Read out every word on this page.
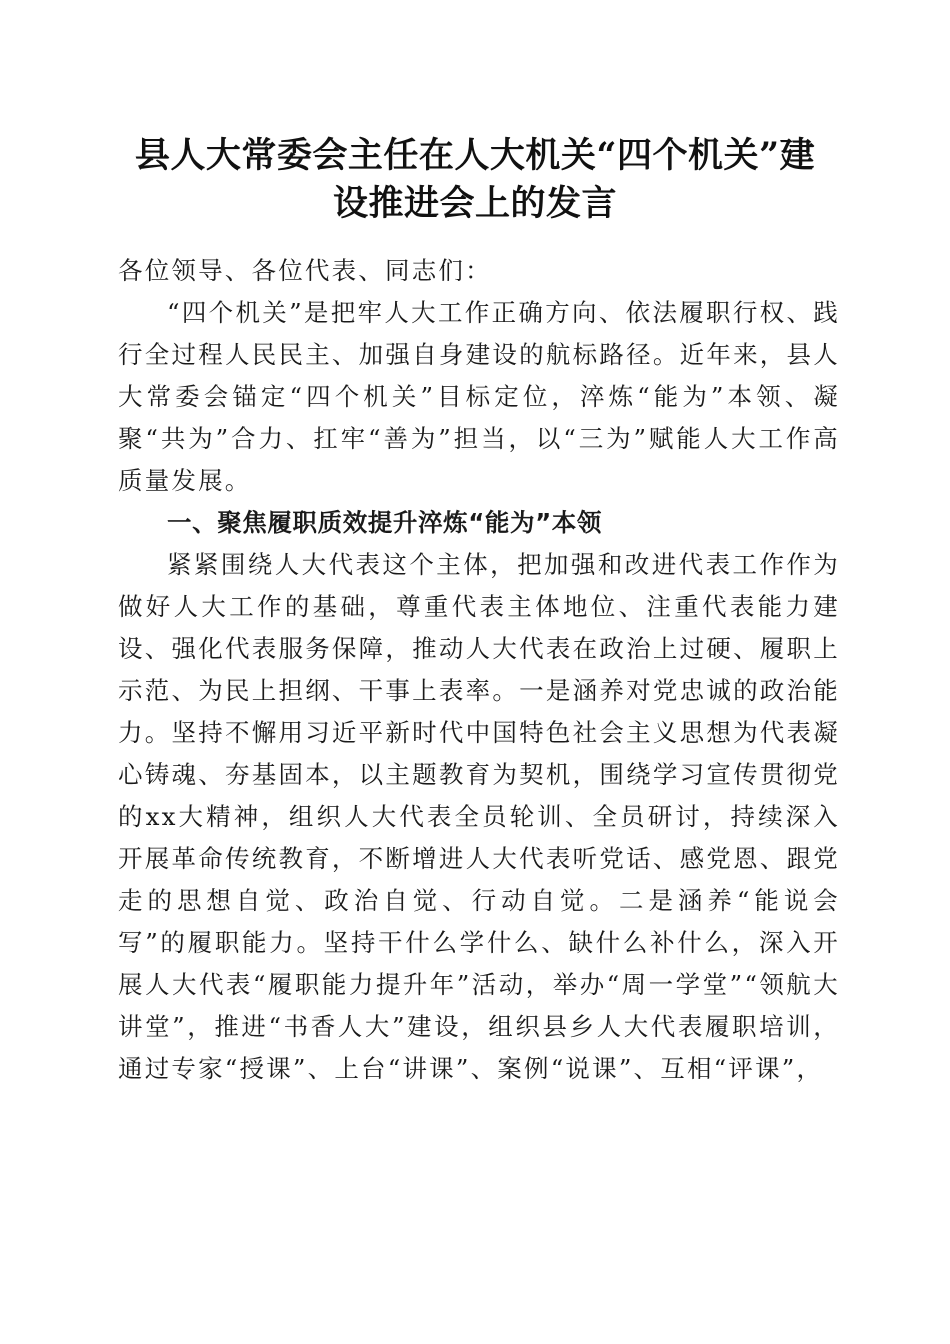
县人大常委会主任在人大机关“四个机关”建
设推进会上的发言

各位领导、各位代表、同志们：

“四个机关”是把牢人大工作正确方向、依法履职行权、践行全过程人民民主、加强自身建设的航标路径。近年来，县人大常委会锚定“四个机关”目标定位，淬炼“能为”本领、凝聚“共为”合力、扛牢“善为”担当，以“三为”赋能人大工作高质量发展。

一、聚焦履职质效提升淬炼“能为”本领

紧紧围绕人大代表这个主体，把加强和改进代表工作作为做好人大工作的基础，尊重代表主体地位、注重代表能力建设、强化代表服务保障，推动人大代表在政治上过硬、履职上示范、为民上担纲、干事上表率。一是涵养对党忠诚的政治能力。坚持不懈用习近平新时代中国特色社会主义思想为代表凝心铸魂、夯基固本，以主题教育为契机，围绕学习宣传贯彻党的xx大精神，组织人大代表全员轮训、全员研讨，持续深入开展革命传统教育，不断增进人大代表听党话、感党恩、跟党走的思想自觉、政治自觉、行动自觉。二是涵养“能说会写”的履职能力。坚持干什么学什么、缺什么补什么，深入开展人大代表“履职能力提升年”活动，举办“周一学堂”“领航大讲堂”，推进“书香人大”建设，组织县乡人大代表履职培训，通过专家“授课”、上台“讲课”、案例“说课”、互相“评课”，
